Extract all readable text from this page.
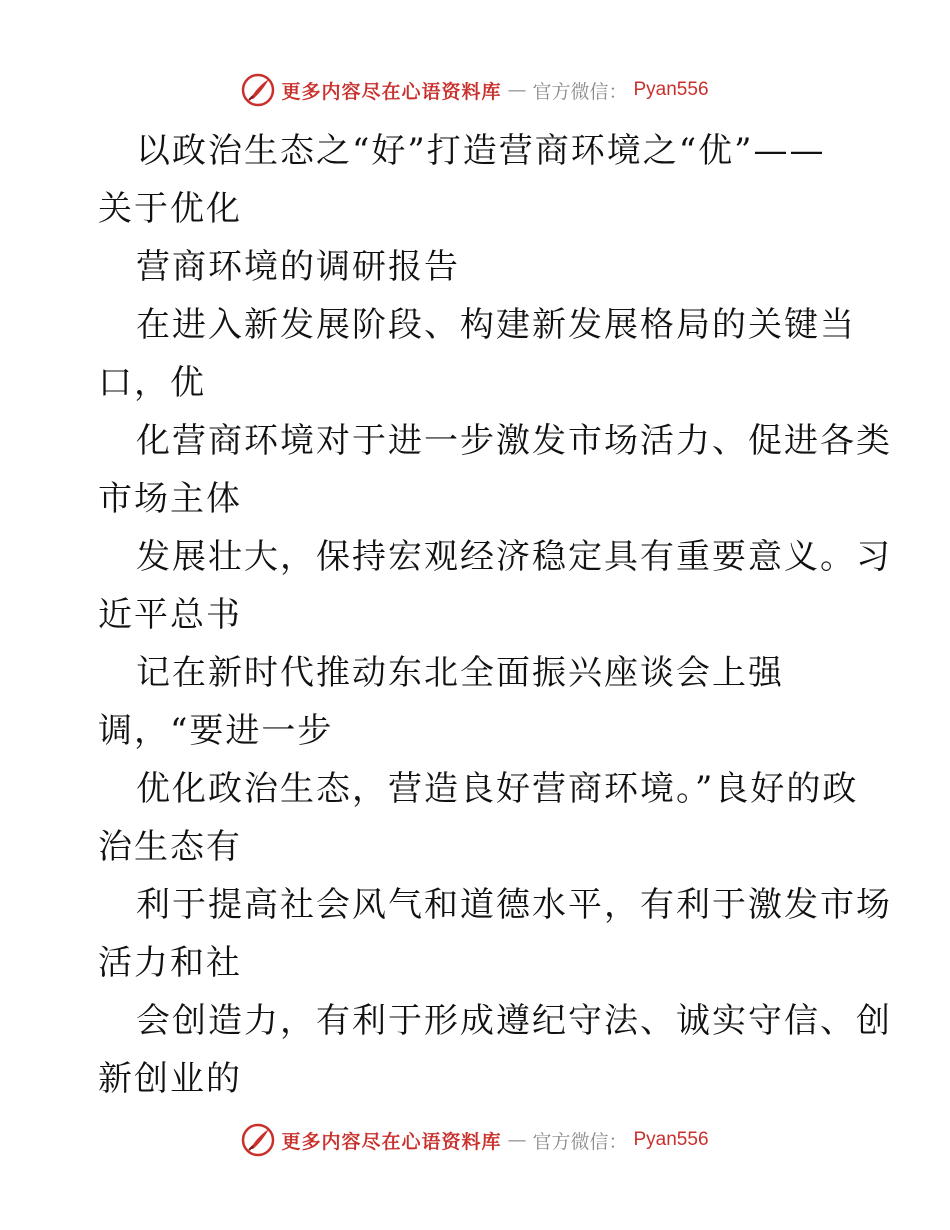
更多内容尽在心语资料库 — 官方微信： Pyan556
以政治生态之“好”打造营商环境之“优”——
关于优化
营商环境的调研报告
在进入新发展阶段、构建新发展格局的关键当
口，优
化营商环境对于进一步激发市场活力、促进各类
市场主体
发展壮大，保持宏观经济稳定具有重要意义。习
近平总书
记在新时代推动东北全面振兴座谈会上强
调，“要进一步
优化政治生态，营造良好营商环境。”良好的政
治生态有
利于提高社会风气和道德水平，有利于激发市场
活力和社
会创造力，有利于形成遵纪守法、诚实守信、创
新创业的
更多内容尽在心语资料库 — 官方微信： Pyan556
